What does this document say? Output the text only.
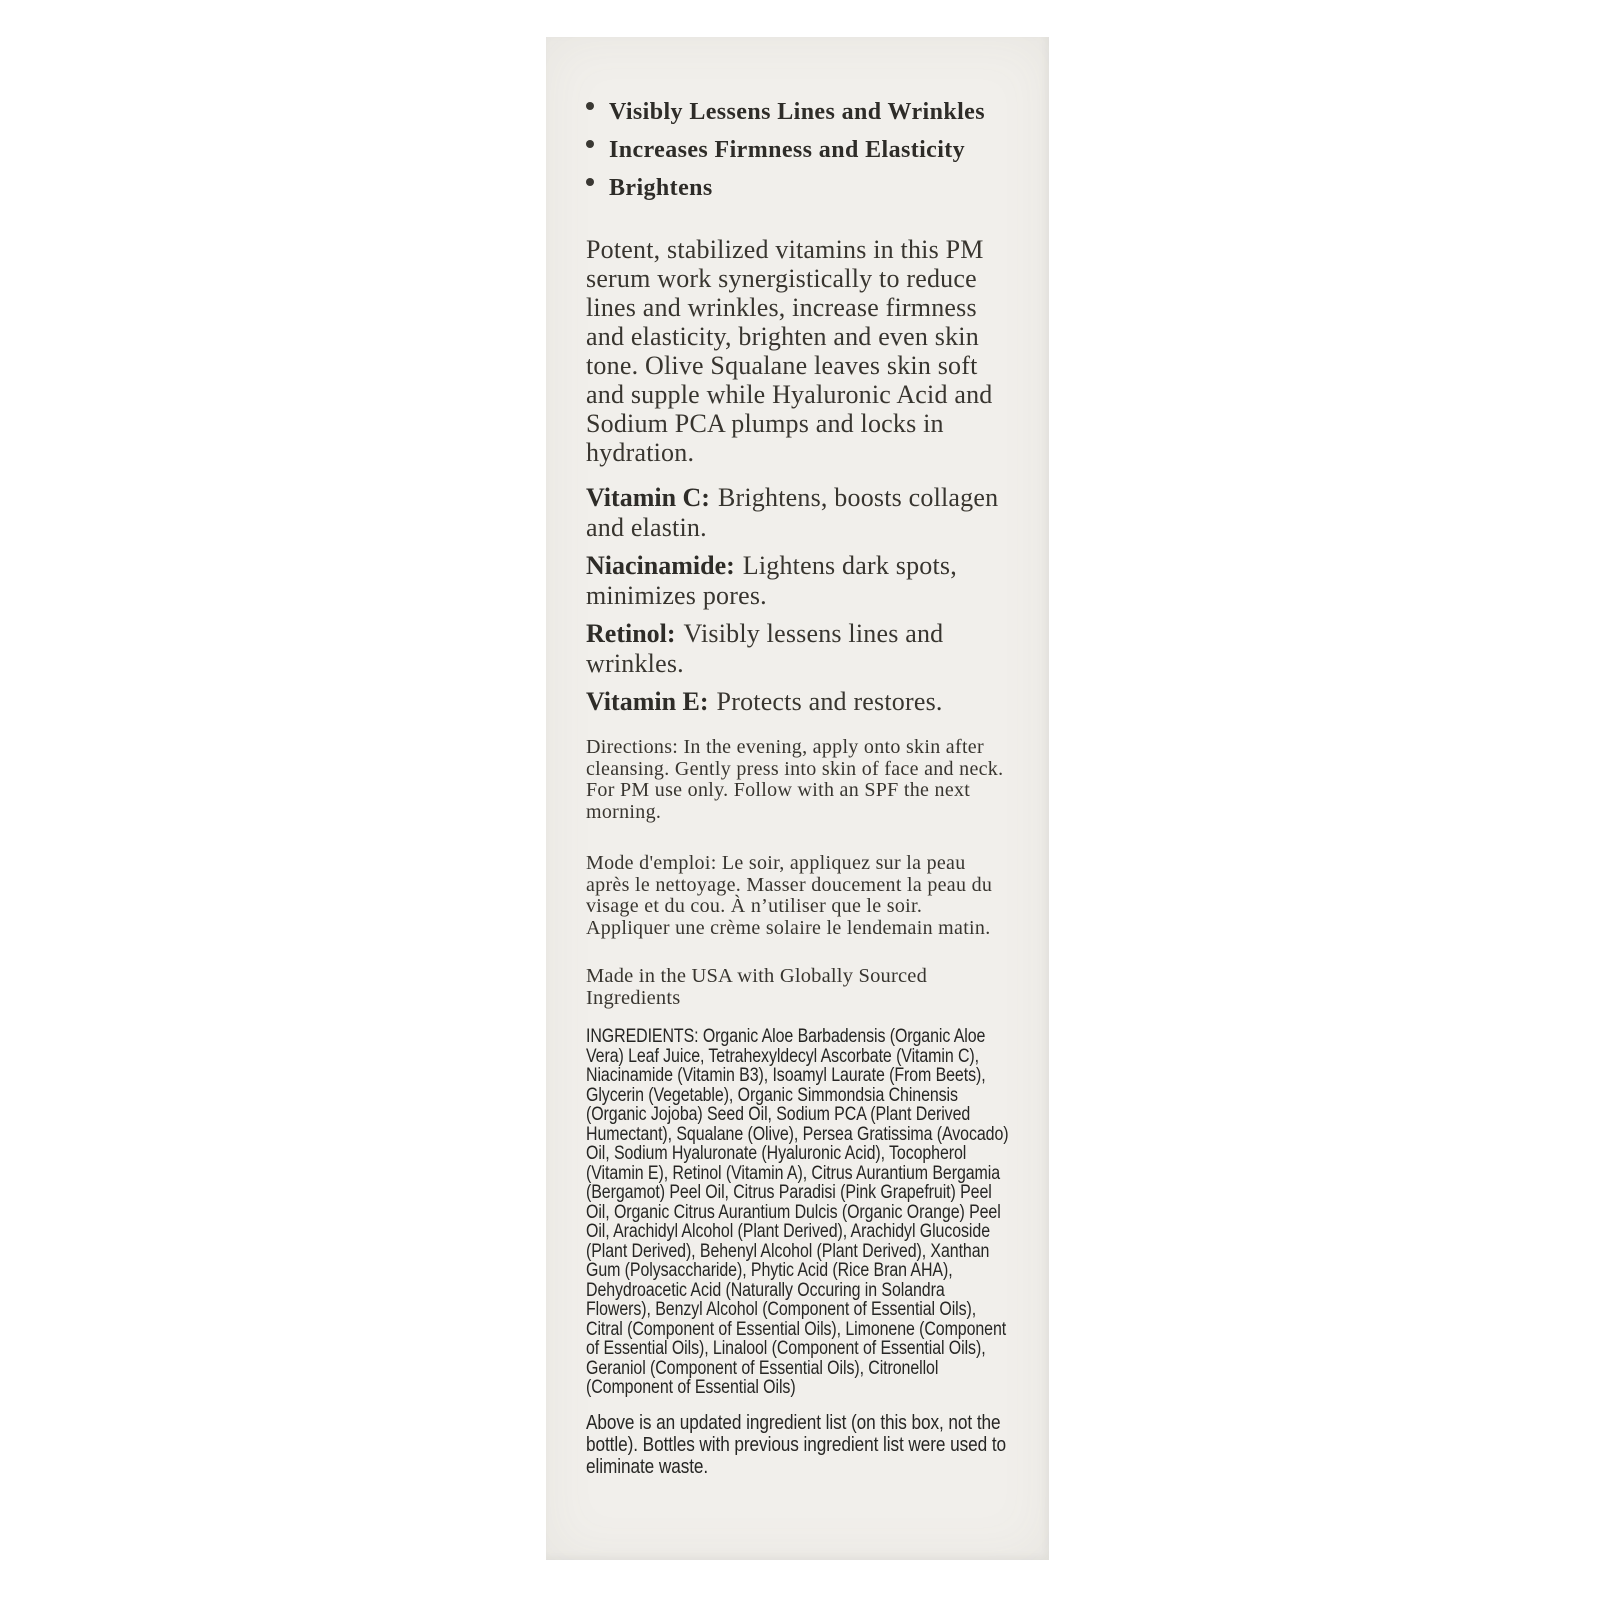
Visibly Lessens Lines and Wrinkles
Increases Firmness and Elasticity
Brightens

Potent, stabilized vitamins in this PM serum work synergistically to reduce lines and wrinkles, increase firmness and elasticity, brighten and even skin tone. Olive Squalane leaves skin soft and supple while Hyaluronic Acid and Sodium PCA plumps and locks in hydration.

Vitamin C: Brightens, boosts collagen and elastin.

Niacinamide: Lightens dark spots, minimizes pores.

Retinol: Visibly lessens lines and wrinkles.

Vitamin E: Protects and restores.

Directions: In the evening, apply onto skin after cleansing. Gently press into skin of face and neck. For PM use only. Follow with an SPF the next morning.

Mode d'emploi: Le soir, appliquez sur la peau après le nettoyage. Masser doucement la peau du visage et du cou. À n’utiliser que le soir. Appliquer une crème solaire le lendemain matin.

Made in the USA with Globally Sourced Ingredients

INGREDIENTS: Organic Aloe Barbadensis (Organic Aloe Vera) Leaf Juice, Tetrahexyldecyl Ascorbate (Vitamin C), Niacinamide (Vitamin B3), Isoamyl Laurate (From Beets), Glycerin (Vegetable), Organic Simmondsia Chinensis (Organic Jojoba) Seed Oil, Sodium PCA (Plant Derived Humectant), Squalane (Olive), Persea Gratissima (Avocado) Oil, Sodium Hyaluronate (Hyaluronic Acid), Tocopherol (Vitamin E), Retinol (Vitamin A), Citrus Aurantium Bergamia (Bergamot) Peel Oil, Citrus Paradisi (Pink Grapefruit) Peel Oil, Organic Citrus Aurantium Dulcis (Organic Orange) Peel Oil, Arachidyl Alcohol (Plant Derived), Arachidyl Glucoside (Plant Derived), Behenyl Alcohol (Plant Derived), Xanthan Gum (Polysaccharide), Phytic Acid (Rice Bran AHA), Dehydroacetic Acid (Naturally Occuring in Solandra Flowers), Benzyl Alcohol (Component of Essential Oils), Citral (Component of Essential Oils), Limonene (Component of Essential Oils), Linalool (Component of Essential Oils), Geraniol (Component of Essential Oils), Citronellol (Component of Essential Oils)

Above is an updated ingredient list (on this box, not the bottle). Bottles with previous ingredient list were used to eliminate waste.
